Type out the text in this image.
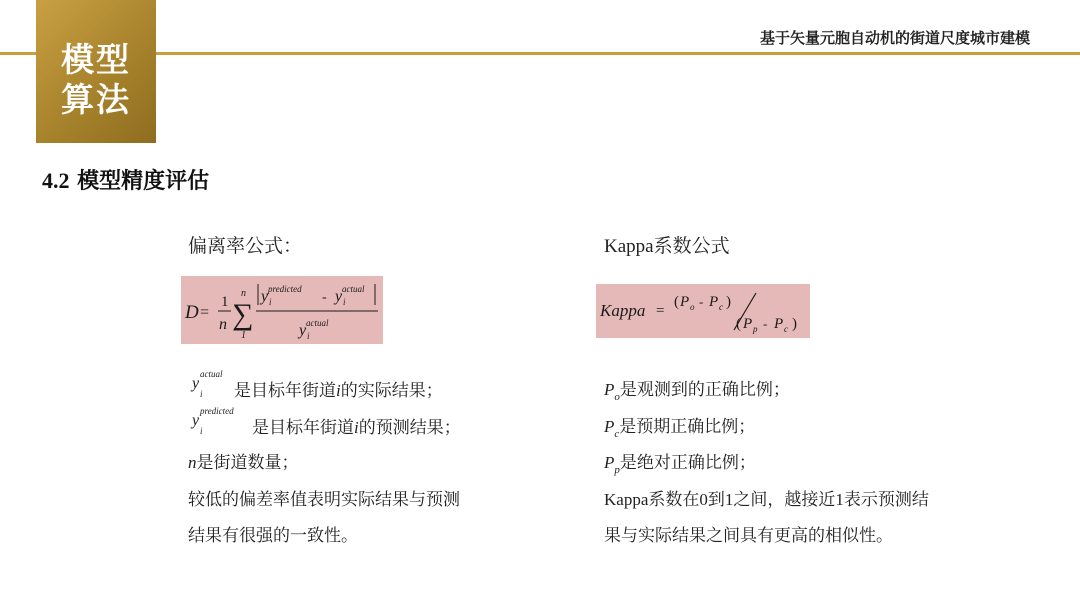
模型
算法
基于矢量元胞自动机的街道尺度城市建模
4.2 模型精度评估
偏离率公式：
D =
1
n
n
∑
1
y predicted
i	- y actual
i
y actual
i
y
actual
i 是目标年街道i的实际结果；
y
predicted
i	是目标年街道i的预测结果；
n是街道数量；
较低的偏差率值表明实际结果与预测
结果有很强的一致性。
Kappa系数公式
Kappa =
( P o - P c )
( P p - P c )
$P_o$是观测到的正确比例；
$P_c$是预期正确比例；
$P_p$是绝对正确比例；
Kappa系数在0到1之间，越接近1表示预测结
果与实际结果之间具有更高的相似性。
